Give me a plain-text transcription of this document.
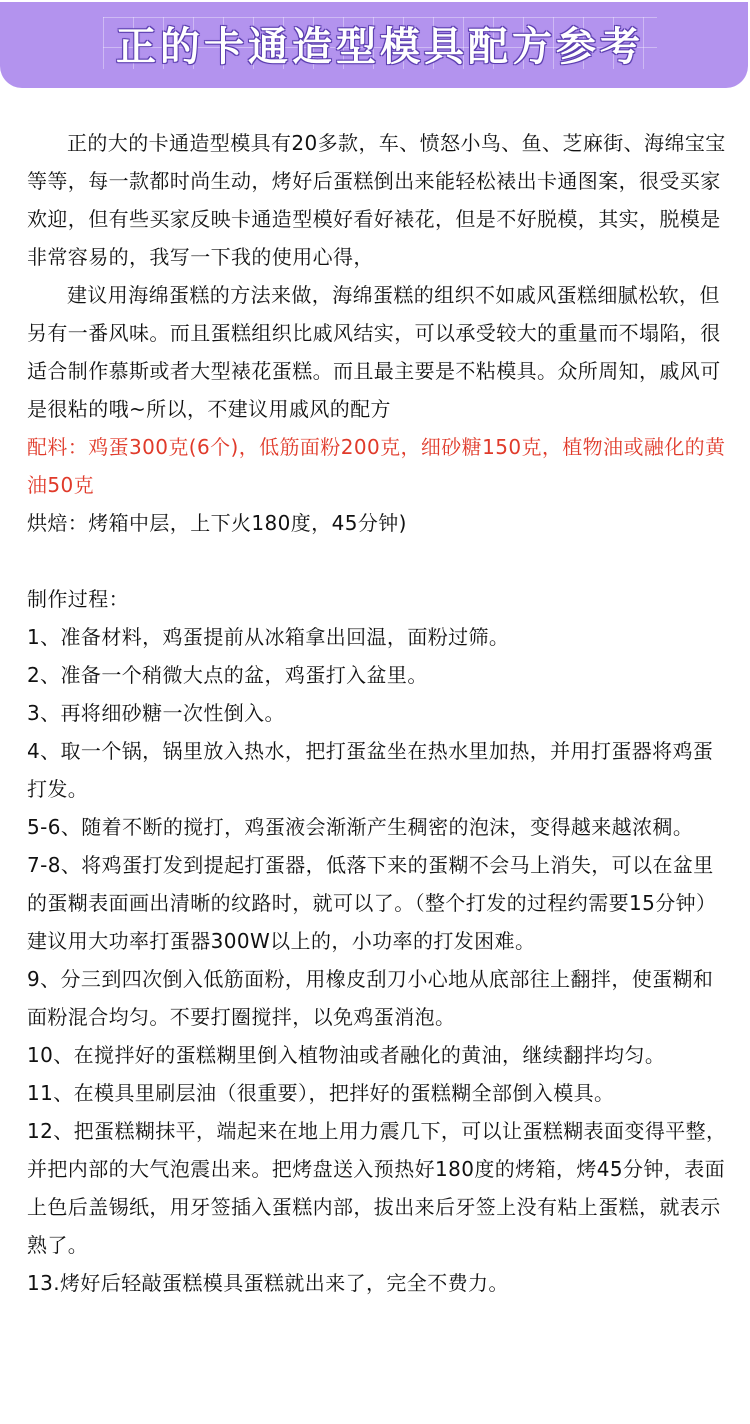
正的卡通造型模具配方参考

正的大的卡通造型模具有20多款，车、愤怒小鸟、鱼、芝麻街、海绵宝宝等等，每一款都时尚生动，烤好后蛋糕倒出来能轻松裱出卡通图案，很受买家欢迎，但有些买家反映卡通造型模好看好裱花，但是不好脱模，其实，脱模是非常容易的，我写一下我的使用心得，

建议用海绵蛋糕的方法来做，海绵蛋糕的组织不如戚风蛋糕细腻松软，但另有一番风味。而且蛋糕组织比戚风结实，可以承受较大的重量而不塌陷，很适合制作慕斯或者大型裱花蛋糕。而且最主要是不粘模具。众所周知，戚风可是很粘的哦~所以，不建议用戚风的配方

配料：鸡蛋300克(6个)，低筋面粉200克，细砂糖150克，植物油或融化的黄油50克

烘焙：烤箱中层，上下火180度，45分钟)

制作过程：

1、准备材料，鸡蛋提前从冰箱拿出回温，面粉过筛。

2、准备一个稍微大点的盆，鸡蛋打入盆里。

3、再将细砂糖一次性倒入。

4、取一个锅，锅里放入热水，把打蛋盆坐在热水里加热，并用打蛋器将鸡蛋打发。

5-6、随着不断的搅打，鸡蛋液会渐渐产生稠密的泡沫，变得越来越浓稠。

7-8、将鸡蛋打发到提起打蛋器，低落下来的蛋糊不会马上消失，可以在盆里的蛋糊表面画出清晰的纹路时，就可以了。（整个打发的过程约需要15分钟）建议用大功率打蛋器300W以上的，小功率的打发困难。

9、分三到四次倒入低筋面粉，用橡皮刮刀小心地从底部往上翻拌，使蛋糊和面粉混合均匀。不要打圈搅拌，以免鸡蛋消泡。

10、在搅拌好的蛋糕糊里倒入植物油或者融化的黄油，继续翻拌均匀。

11、在模具里刷层油（很重要），把拌好的蛋糕糊全部倒入模具。

12、把蛋糕糊抹平，端起来在地上用力震几下，可以让蛋糕糊表面变得平整，并把内部的大气泡震出来。把烤盘送入预热好180度的烤箱，烤45分钟，表面上色后盖锡纸，用牙签插入蛋糕内部，拔出来后牙签上没有粘上蛋糕，就表示熟了。

13.烤好后轻敲蛋糕模具蛋糕就出来了，完全不费力。
